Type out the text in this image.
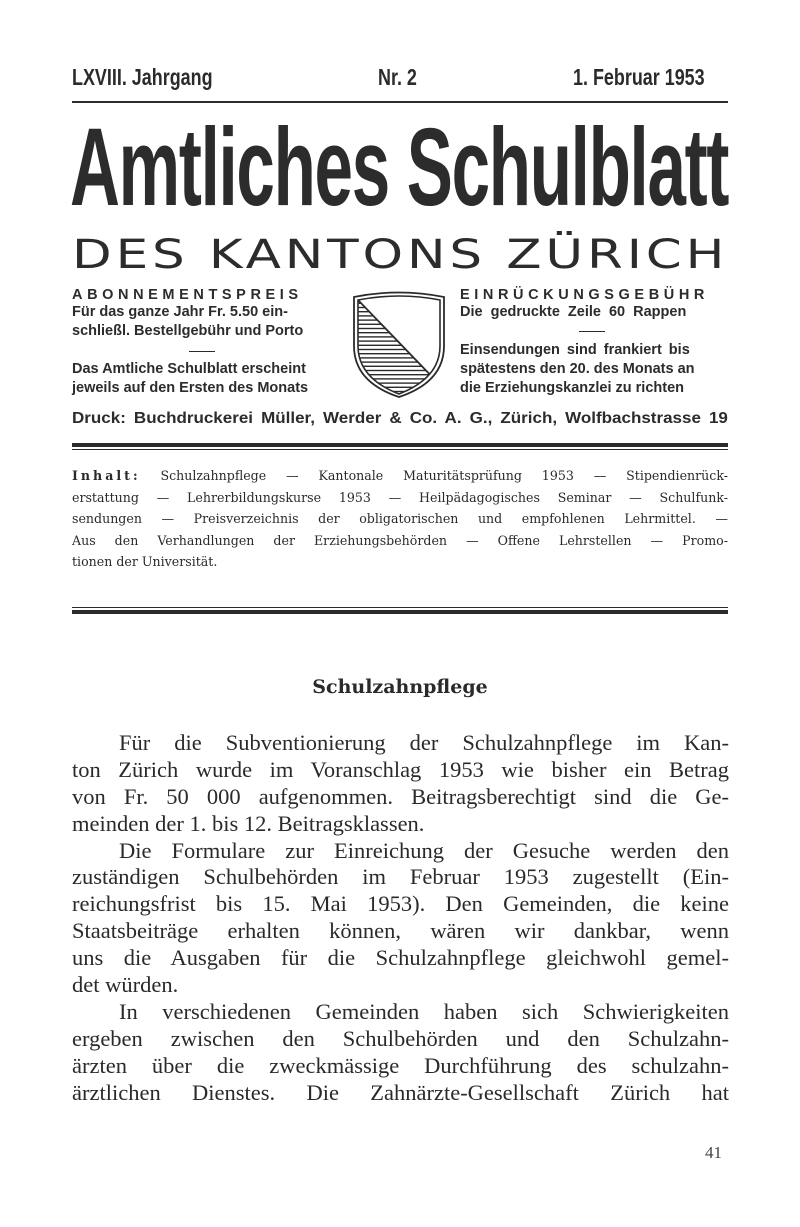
LXVIII. Jahrgang	Nr. 2	1. Februar 1953
Amtliches Schulblatt
DES KANTONS ZÜRICH
ABONNEMENTSPREIS
Für das ganze Jahr Fr. 5.50 ein-
schließl. Bestellgebühr und Porto
Das Amtliche Schulblatt erscheint
jeweils auf den Ersten des Monats
EINRÜCKUNGSGEBÜHR
Die gedruckte Zeile 60 Rappen
Einsendungen sind frankiert bis
spätestens den 20. des Monats an
die Erziehungskanzlei zu richten
Druck: Buchdruckerei Müller, Werder & Co. A. G., Zürich, Wolfbachstrasse 19
Inhalt: Schulzahnpflege — Kantonale Maturitätsprüfung 1953 — Stipendienrück-
erstattung — Lehrerbildungskurse 1953 — Heilpädagogisches Seminar — Schulfunk-
sendungen — Preisverzeichnis der obligatorischen und empfohlenen Lehrmittel. —
Aus den Verhandlungen der Erziehungsbehörden — Offene Lehrstellen — Promo-
tionen der Universität.
Schulzahnpflege
Für die Subventionierung der Schulzahnpflege im Kan-
ton Zürich wurde im Voranschlag 1953 wie bisher ein Betrag
von Fr. 50 000 aufgenommen. Beitragsberechtigt sind die Ge-
meinden der 1. bis 12. Beitragsklassen.
Die Formulare zur Einreichung der Gesuche werden den
zuständigen Schulbehörden im Februar 1953 zugestellt (Ein-
reichungsfrist bis 15. Mai 1953). Den Gemeinden, die keine
Staatsbeiträge erhalten können, wären wir dankbar, wenn
uns die Ausgaben für die Schulzahnpflege gleichwohl gemel-
det würden.
In verschiedenen Gemeinden haben sich Schwierigkeiten
ergeben zwischen den Schulbehörden und den Schulzahn-
ärzten über die zweckmässige Durchführung des schulzahn-
ärztlichen Dienstes. Die Zahnärzte-Gesellschaft Zürich hat
41
